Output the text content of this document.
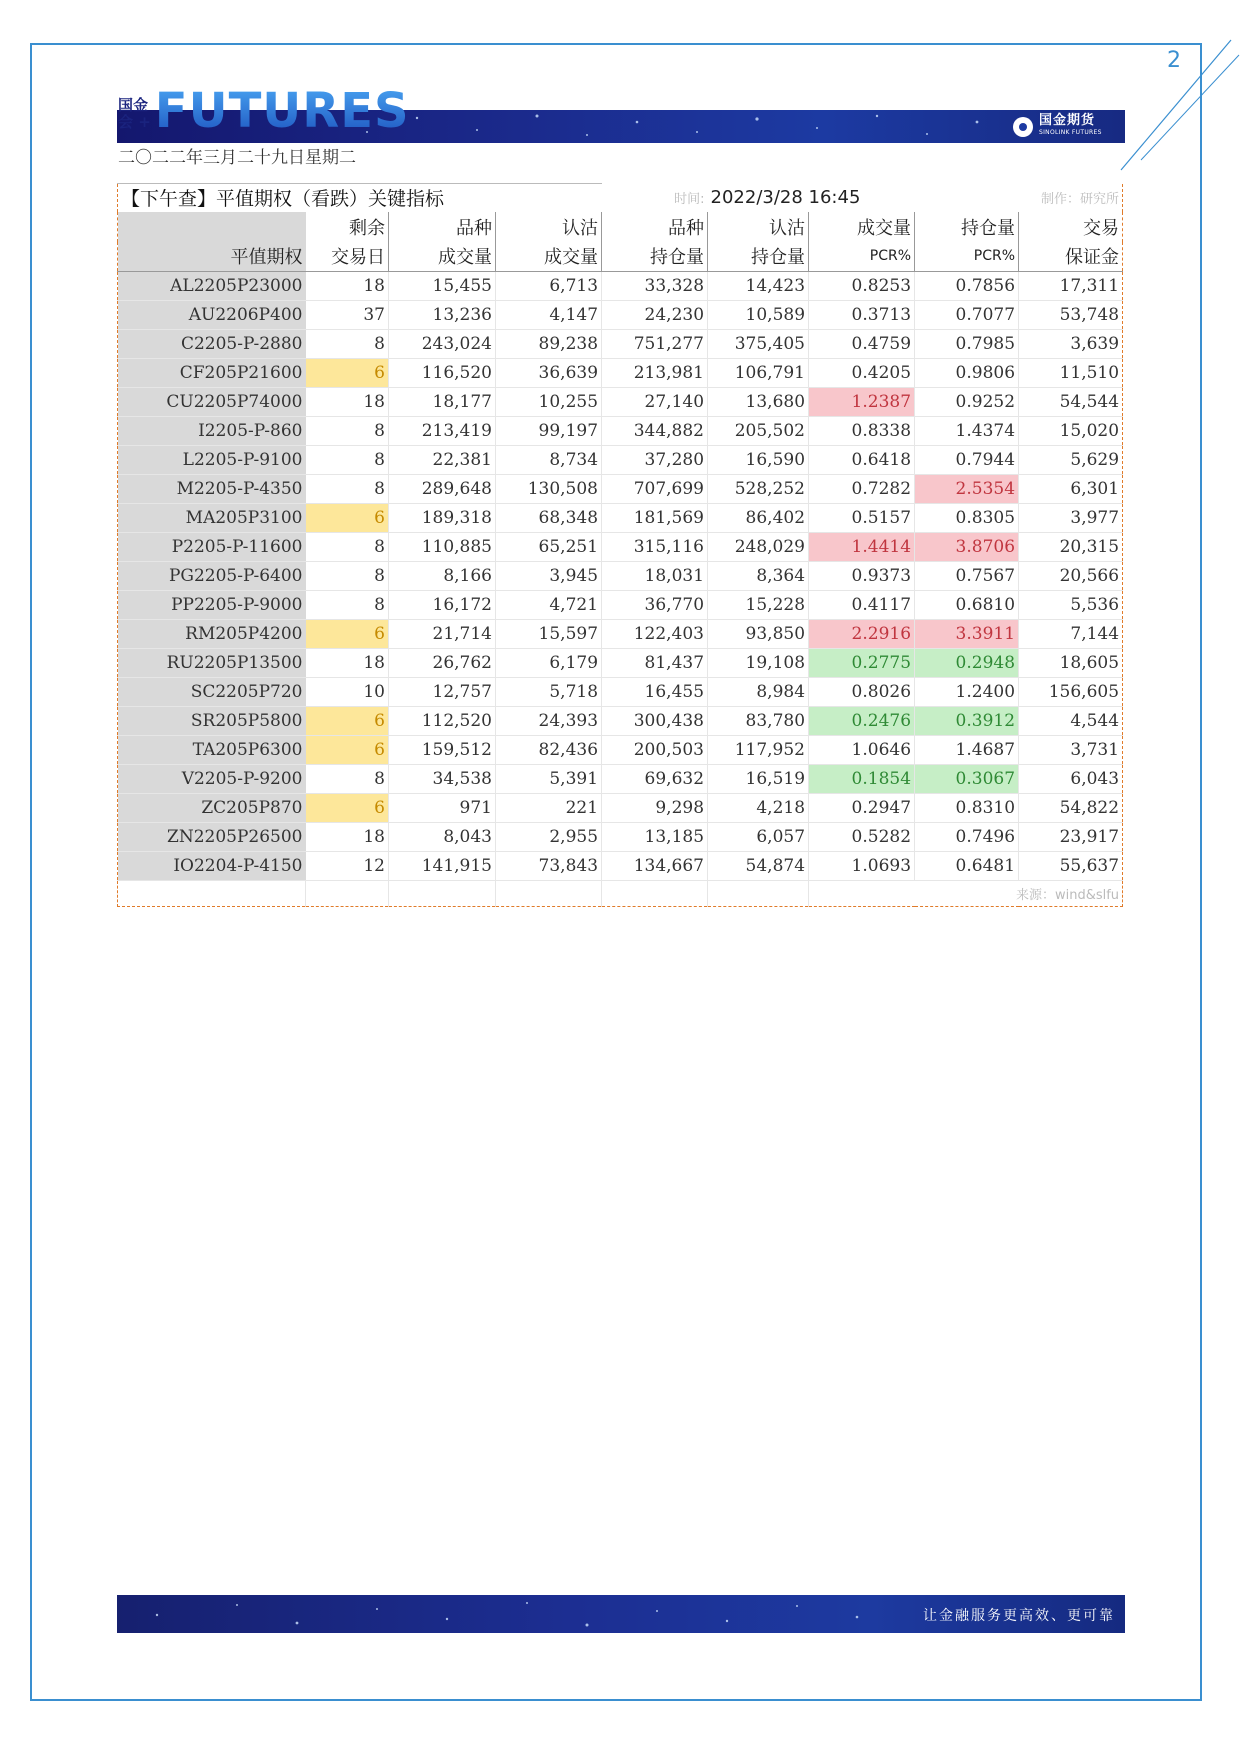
2
国金
会 + FUTURES	国金期货
SINOLINK FUTURES
二〇二二年三月二十九日星期二
【下午查】平值期权（看跌）关键指标				时间:	2022/3/28 16:45		制作：研究所	
	剩余	品种	认沽	品种	认沽	成交量	持仓量	交易
平值期权	交易日	成交量	成交量	持仓量	持仓量	PCR%	PCR%	保证金
AL2205P23000	18	15,455	6,713	33,328	14,423	0.8253	0.7856	17,311
AU2206P400	37	13,236	4,147	24,230	10,589	0.3713	0.7077	53,748
C2205-P-2880	8	243,024	89,238	751,277	375,405	0.4759	0.7985	3,639
CF205P21600	6	116,520	36,639	213,981	106,791	0.4205	0.9806	11,510
CU2205P74000	18	18,177	10,255	27,140	13,680	1.2387	0.9252	54,544
I2205-P-860	8	213,419	99,197	344,882	205,502	0.8338	1.4374	15,020
L2205-P-9100	8	22,381	8,734	37,280	16,590	0.6418	0.7944	5,629
M2205-P-4350	8	289,648	130,508	707,699	528,252	0.7282	2.5354	6,301
MA205P3100	6	189,318	68,348	181,569	86,402	0.5157	0.8305	3,977
P2205-P-11600	8	110,885	65,251	315,116	248,029	1.4414	3.8706	20,315
PG2205-P-6400	8	8,166	3,945	18,031	8,364	0.9373	0.7567	20,566
PP2205-P-9000	8	16,172	4,721	36,770	15,228	0.4117	0.6810	5,536
RM205P4200	6	21,714	15,597	122,403	93,850	2.2916	3.3911	7,144
RU2205P13500	18	26,762	6,179	81,437	19,108	0.2775	0.2948	18,605
SC2205P720	10	12,757	5,718	16,455	8,984	0.8026	1.2400	156,605
SR205P5800	6	112,520	24,393	300,438	83,780	0.2476	0.3912	4,544
TA205P6300	6	159,512	82,436	200,503	117,952	1.0646	1.4687	3,731
V2205-P-9200	8	34,538	5,391	69,632	16,519	0.1854	0.3067	6,043
ZC205P870	6	971	221	9,298	4,218	0.2947	0.8310	54,822
ZN2205P26500	18	8,043	2,955	13,185	6,057	0.5282	0.7496	23,917
IO2204-P-4150	12	141,915	73,843	134,667	54,874	1.0693	0.6481	55,637
							来源：wind&slfu	
让金融服务更高效、更可靠
